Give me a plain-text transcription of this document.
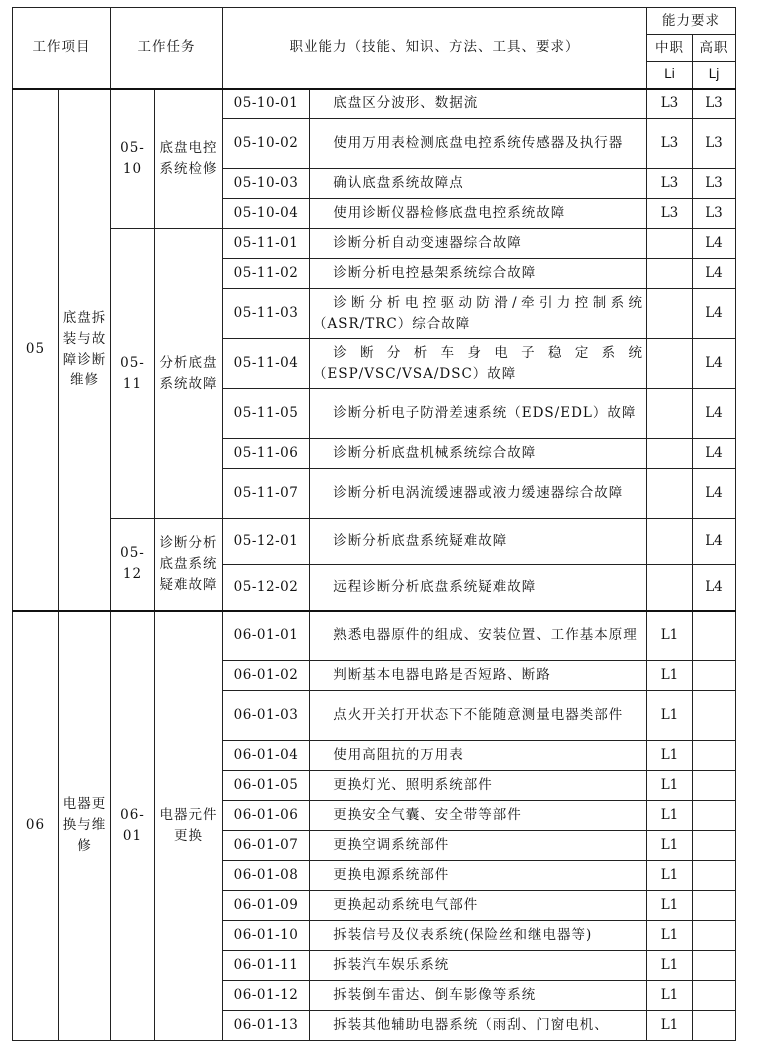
工作项目		工作任务		职业能力（技能、知识、方法、工具、要求）		能力要求	
						中职	高职
						Li	Lj
05	底盘拆装与故障诊断维修	05-10	底盘电控系统检修	05-10-01	底盘区分波形、数据流	L3	L3
				05-10-02	使用万用表检测底盘电控系统传感器及执行器	L3	L3
				05-10-03	确认底盘系统故障点	L3	L3
				05-10-04	使用诊断仪器检修底盘电控系统故障	L3	L3
		05-11	分析底盘系统故障	05-11-01	诊断分析自动变速器综合故障		L4
				05-11-02	诊断分析电控悬架系统综合故障		L4
				05-11-03	诊断分析电控驱动防滑/牵引力控制系统（ASR/TRC）综合故障		L4
				05-11-04	诊断分析车身电子稳定系统（ESP/VSC/VSA/DSC）故障		L4
				05-11-05	诊断分析电子防滑差速系统（EDS/EDL）故障		L4
				05-11-06	诊断分析底盘机械系统综合故障		L4
				05-11-07	诊断分析电涡流缓速器或液力缓速器综合故障		L4
		05-12	诊断分析底盘系统疑难故障	05-12-01	诊断分析底盘系统疑难故障		L4
				05-12-02	远程诊断分析底盘系统疑难故障		L4
06	电器更换与维修	06-01	电器元件更换	06-01-01	熟悉电器原件的组成、安装位置、工作基本原理	L1	
				06-01-02	判断基本电器电路是否短路、断路	L1	
				06-01-03	点火开关打开状态下不能随意测量电器类部件	L1	
				06-01-04	使用高阻抗的万用表	L1	
				06-01-05	更换灯光、照明系统部件	L1	
				06-01-06	更换安全气囊、安全带等部件	L1	
				06-01-07	更换空调系统部件	L1	
				06-01-08	更换电源系统部件	L1	
				06-01-09	更换起动系统电气部件	L1	
				06-01-10	拆装信号及仪表系统(保险丝和继电器等)	L1	
				06-01-11	拆装汽车娱乐系统	L1	
				06-01-12	拆装倒车雷达、倒车影像等系统	L1	
				06-01-13	拆装其他辅助电器系统（雨刮、门窗电机、	L1	
